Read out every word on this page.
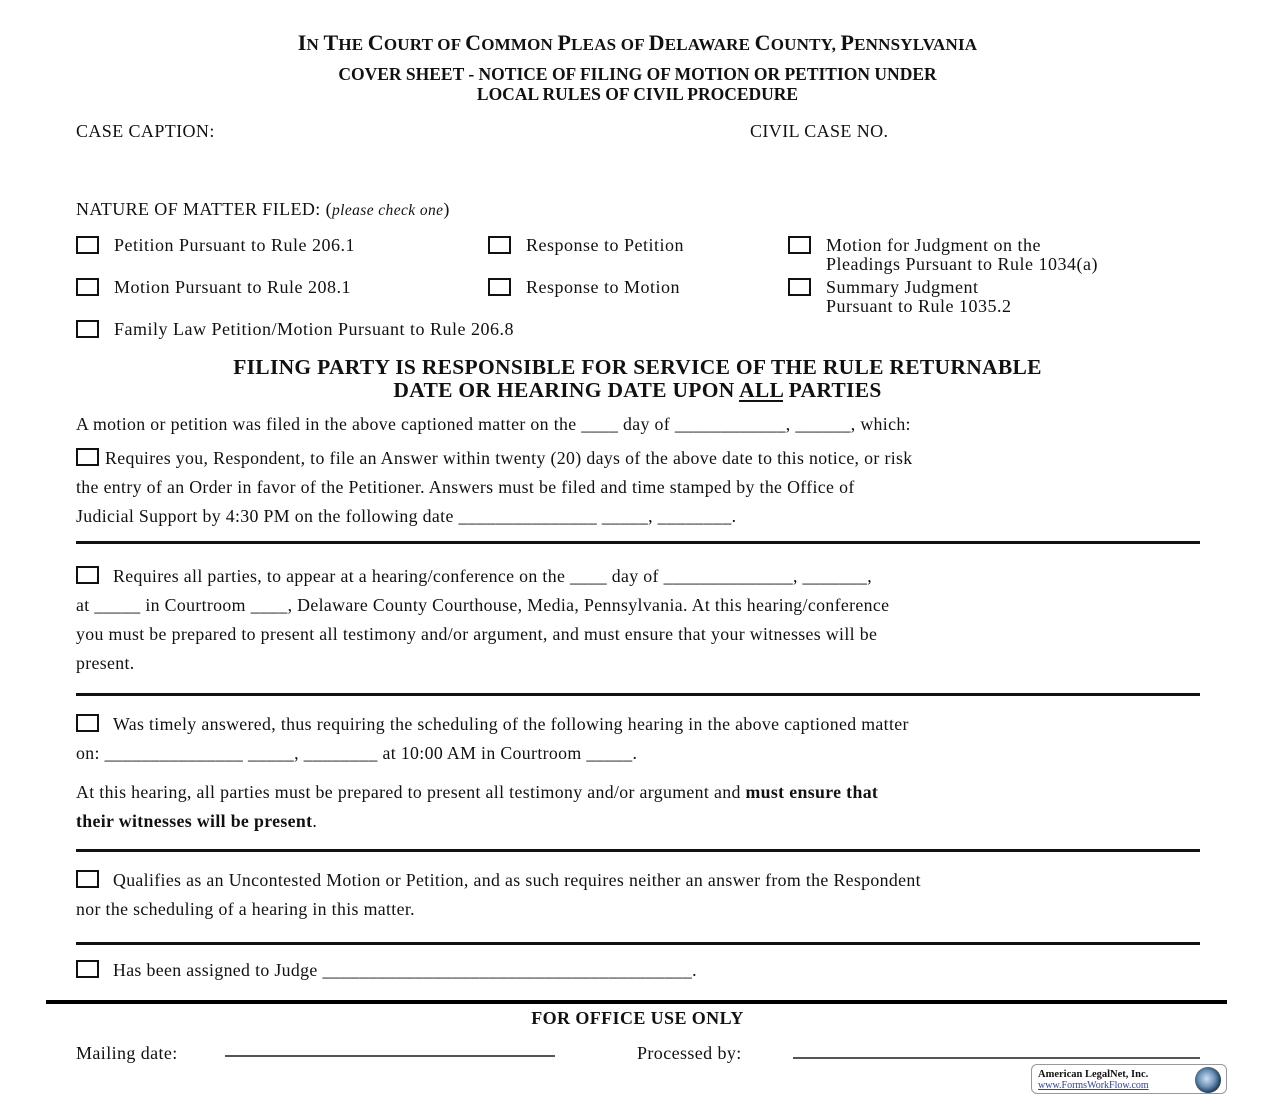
IN THE COURT OF COMMON PLEAS OF DELAWARE COUNTY, PENNSYLVANIA
COVER SHEET - NOTICE OF FILING OF MOTION OR PETITION UNDER
LOCAL RULES OF CIVIL PROCEDURE
CASE CAPTION:	CIVIL CASE NO.
NATURE OF MATTER FILED: (please check one)
Petition Pursuant to Rule 206.1	Response to Petition	Motion for Judgment on the
Pleadings Pursuant to Rule 1034(a)
Motion Pursuant to Rule 208.1	Response to Motion	Summary Judgment
Pursuant to Rule 1035.2
Family Law Petition/Motion Pursuant to Rule 206.8
FILING PARTY IS RESPONSIBLE FOR SERVICE OF THE RULE RETURNABLE
DATE OR HEARING DATE UPON ALL PARTIES
A motion or petition was filed in the above captioned matter on the ____ day of ____________, ______, which:
Requires you, Respondent, to file an Answer within twenty (20) days of the above date to this notice, or risk
the entry of an Order in favor of the Petitioner. Answers must be filed and time stamped by the Office of
Judicial Support by 4:30 PM on the following date _______________ _____, ________.
Requires all parties, to appear at a hearing/conference on the ____ day of ______________, _______,
at _____ in Courtroom ____, Delaware County Courthouse, Media, Pennsylvania. At this hearing/conference
you must be prepared to present all testimony and/or argument, and must ensure that your witnesses will be
present.
Was timely answered, thus requiring the scheduling of the following hearing in the above captioned matter
on: _______________ _____, ________ at 10:00 AM in Courtroom _____.
At this hearing, all parties must be prepared to present all testimony and/or argument and must ensure that
their witnesses will be present.
Qualifies as an Uncontested Motion or Petition, and as such requires neither an answer from the Respondent
nor the scheduling of a hearing in this matter.
Has been assigned to Judge ________________________________________.
FOR OFFICE USE ONLY
Mailing date:	Processed by:
American LegalNet, Inc.
www.FormsWorkFlow.com
